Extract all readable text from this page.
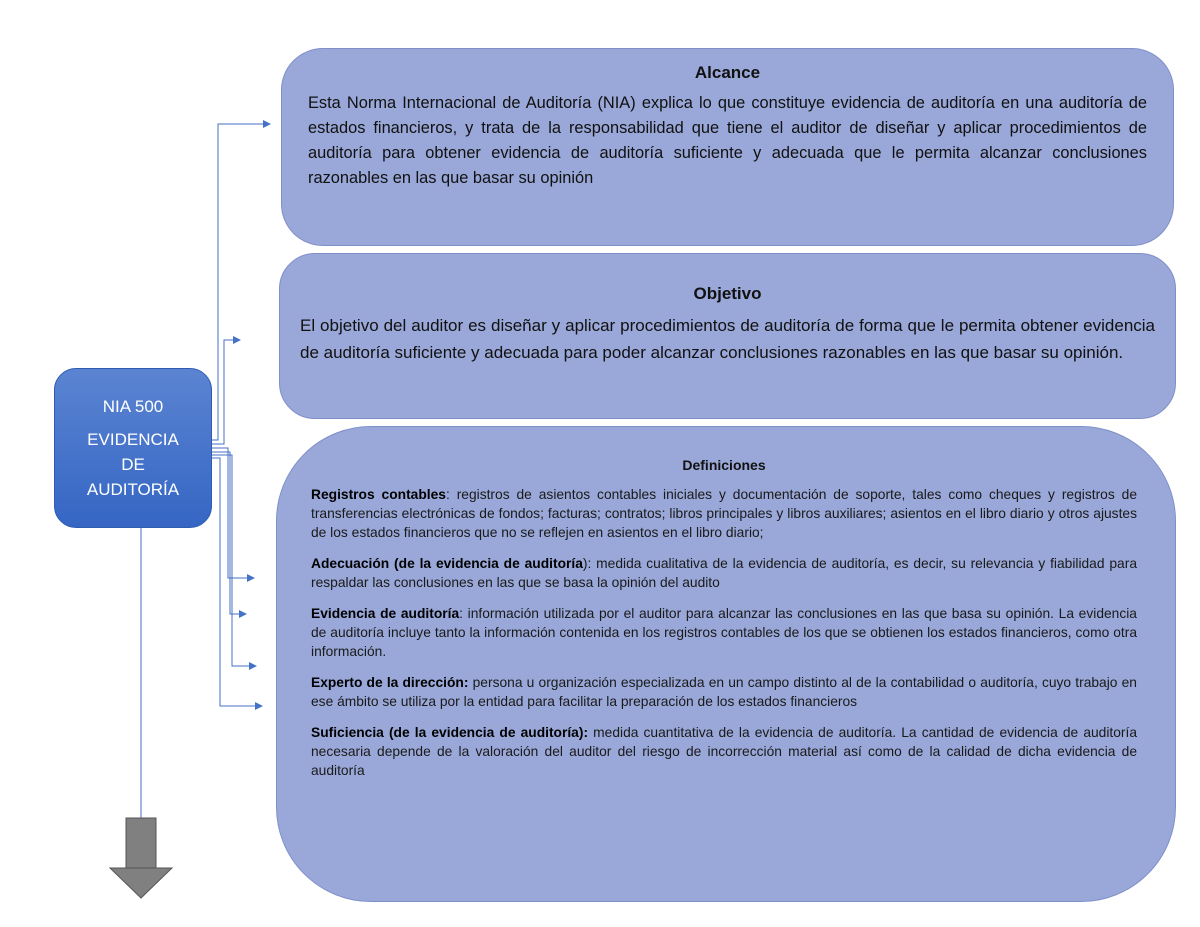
NIA 500
EVIDENCIA
DE
AUDITORÍA
Alcance
Esta Norma Internacional de Auditoría (NIA) explica lo que constituye evidencia de auditoría en una auditoría de estados financieros, y trata de la responsabilidad que tiene el auditor de diseñar y aplicar procedimientos de auditoría para obtener evidencia de auditoría suficiente y adecuada que le permita alcanzar conclusiones razonables en las que basar su opinión
Objetivo
El objetivo del auditor es diseñar y aplicar procedimientos de auditoría de forma que le permita obtener evidencia de auditoría suficiente y adecuada para poder alcanzar conclusiones razonables en las que basar su opinión.
Definiciones
Registros contables: registros de asientos contables iniciales y documentación de soporte, tales como cheques y registros de transferencias electrónicas de fondos; facturas; contratos; libros principales y libros auxiliares; asientos en el libro diario y otros ajustes de los estados financieros que no se reflejen en asientos en el libro diario;
Adecuación (de la evidencia de auditoría): medida cualitativa de la evidencia de auditoría, es decir, su relevancia y fiabilidad para respaldar las conclusiones en las que se basa la opinión del audito
Evidencia de auditoría: información utilizada por el auditor para alcanzar las conclusiones en las que basa su opinión. La evidencia de auditoría incluye tanto la información contenida en los registros contables de los que se obtienen los estados financieros, como otra información.
Experto de la dirección: persona u organización especializada en un campo distinto al de la contabilidad o auditoría, cuyo trabajo en ese ámbito se utiliza por la entidad para facilitar la preparación de los estados financieros
Suficiencia (de la evidencia de auditoría): medida cuantitativa de la evidencia de auditoría. La cantidad de evidencia de auditoría necesaria depende de la valoración del auditor del riesgo de incorrección material así como de la calidad de dicha evidencia de auditoría
